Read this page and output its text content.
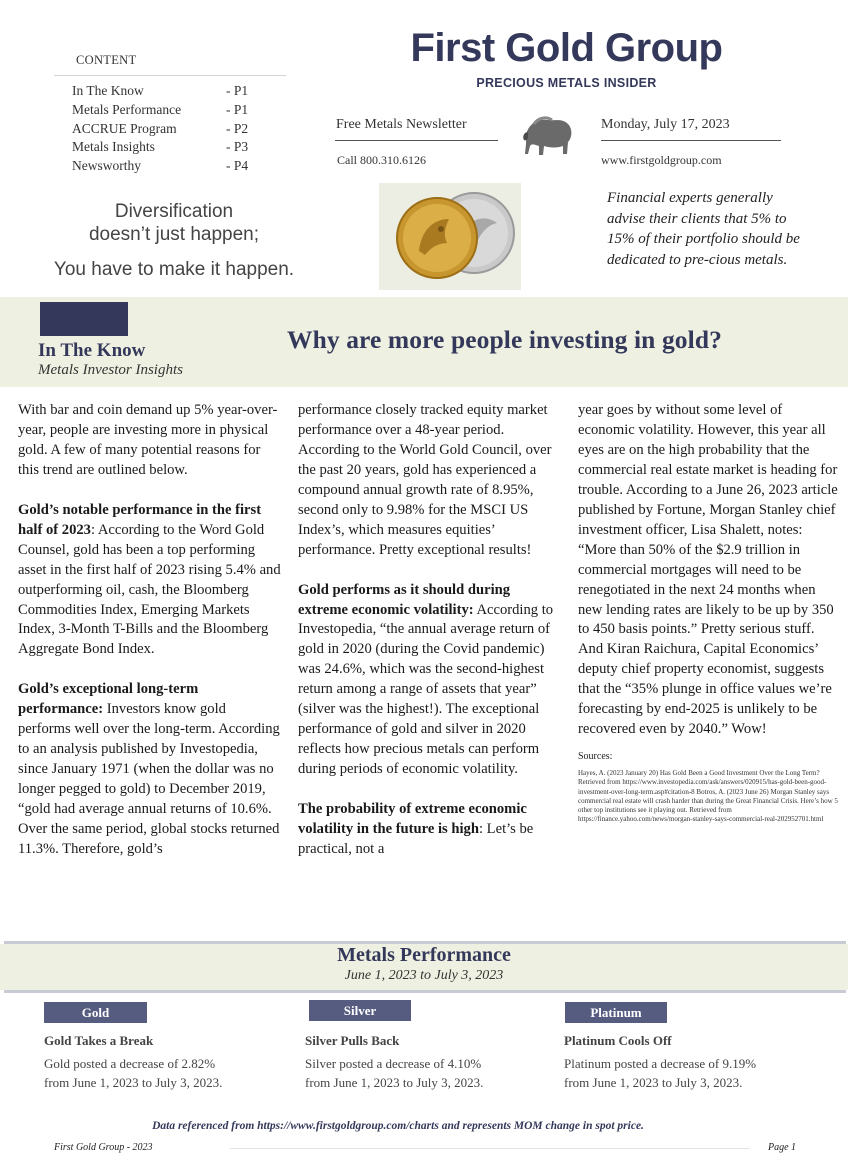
CONTENT
In The Know	- P1
Metals Performance	- P1
ACCRUE Program	- P2
Metals Insights	- P3
Newsworthy	- P4
First Gold Group
PRECIOUS METALS INSIDER
Free Metals Newsletter	Monday, July 17, 2023
Call 800.310.6126	www.firstgoldgroup.com
Diversification
doesn’t just happen;
You have to make it happen.
Financial experts generally advise their clients that 5% to 15% of their portfolio should be dedicated to pre-cious metals.
In The Know
Metals Investor Insights
Why are more people investing in gold?

With bar and coin demand up 5% year-over-year, people are investing more in physical gold. A few of many potential reasons for this trend are outlined below.

Gold’s notable performance in the first half of 2023: According to the Word Gold Counsel, gold has been a top performing asset in the first half of 2023 rising 5.4% and outperforming oil, cash, the Bloomberg Commodities Index, Emerging Markets Index, 3-Month T-Bills and the Bloomberg Aggregate Bond Index.

Gold’s exceptional long-term performance: Investors know gold performs well over the long-term. According to an analysis published by Investopedia, since January 1971 (when the dollar was no longer pegged to gold) to December 2019, “gold had average annual returns of 10.6%. Over the same period, global stocks returned 11.3%. Therefore, gold’s

performance closely tracked equity market performance over a 48-year period. According to the World Gold Council, over the past 20 years, gold has experienced a compound annual growth rate of 8.95%, second only to 9.98% for the MSCI US Index’s, which measures equities’ performance. Pretty exceptional results!

Gold performs as it should during extreme economic volatility: According to Investopedia, “the annual average return of gold in 2020 (during the Covid pandemic) was 24.6%, which was the second-highest return among a range of assets that year” (silver was the highest!). The exceptional performance of gold and silver in 2020 reflects how precious metals can perform during periods of economic volatility.

The probability of extreme economic volatility in the future is high: Let’s be practical, not a

year goes by without some level of economic volatility. However, this year all eyes are on the high probability that the commercial real estate market is heading for trouble. According to a June 26, 2023 article published by Fortune, Morgan Stanley chief investment officer, Lisa Shalett, notes: “More than 50% of the $2.9 trillion in commercial mortgages will need to be renegotiated in the next 24 months when new lending rates are likely to be up by 350 to 450 basis points.” Pretty serious stuff. And Kiran Raichura, Capital Economics’ deputy chief property economist, suggests that the “35% plunge in office values we’re forecasting by end-2025 is unlikely to be recovered even by 2040.” Wow!

Sources:
Hayes, A. (2023 January 20) Has Gold Been a Good Investment Over the Long Term? Retrieved from https://www.investopedia.com/ask/answers/020915/has-gold-been-good-investment-over-long-term.asp#citation-8 Botros, A. (2023 June 26) Morgan Stanley says commercial real estate will crash harder than during the Great Financial Crisis. Here’s how 5 other top institutions see it playing out. Retrieved from https://finance.yahoo.com/news/morgan-stanley-says-commercial-real-202952701.html
Metals Performance
June 1, 2023 to July 3, 2023
Gold	Silver	Platinum
Gold Takes a Break	Silver Pulls Back	Platinum Cools Off
Gold posted a decrease of 2.82% from June 1, 2023 to July 3, 2023.
Silver posted a decrease of 4.10% from June 1, 2023 to July 3, 2023.
Platinum posted a decrease of 9.19% from June 1, 2023 to July 3, 2023.
Data referenced from https://www.firstgoldgroup.com/charts and represents MOM change in spot price.
First Gold Group - 2023	Page 1
